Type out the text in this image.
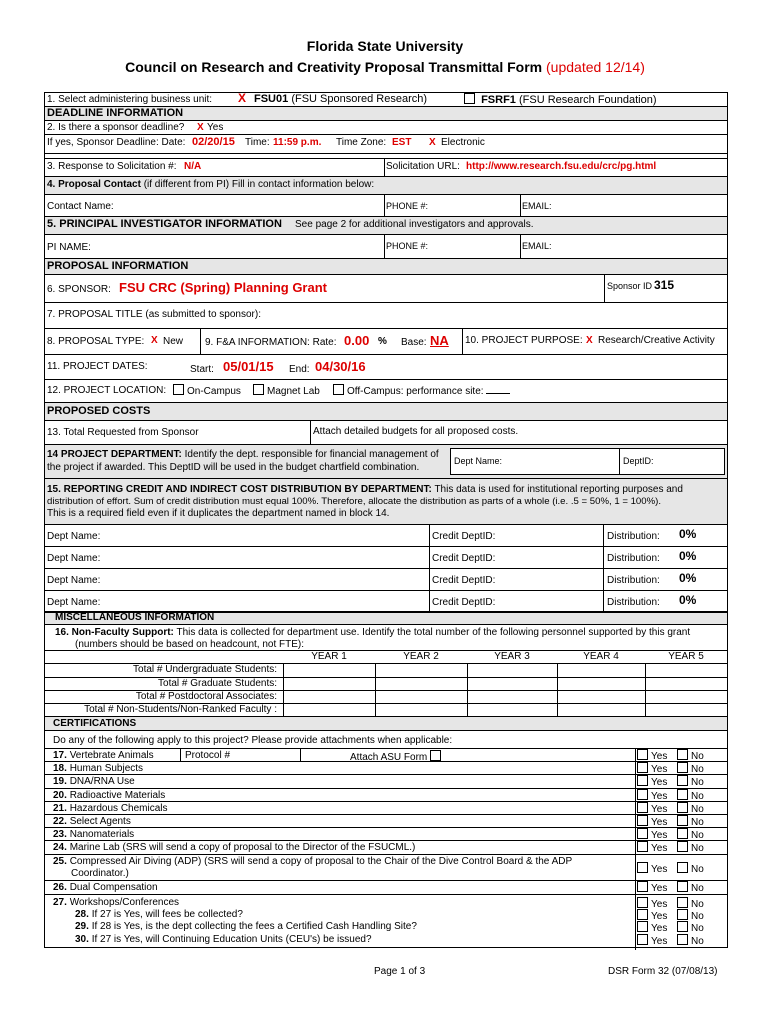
Florida State University
Council on Research and Creativity Proposal Transmittal Form (updated 12/14)
1. Select administering business unit: X FSU01 (FSU Sponsored Research)	FSRF1 (FSU Research Foundation)
DEADLINE INFORMATION
2. Is there a sponsor deadline? X Yes
If yes, Sponsor Deadline: Date: 02/20/15 Time: 11:59 p.m. Time Zone: EST X Electronic
3. Response to Solicitation #: N/A	Solicitation URL: http://www.research.fsu.edu/crc/pg.html
4. Proposal Contact (if different from PI) Fill in contact information below:
Contact Name:	PHONE #:	EMAIL:
5. PRINCIPAL INVESTIGATOR INFORMATION See page 2 for additional investigators and approvals.
PI NAME:	PHONE #:	EMAIL:
PROPOSAL INFORMATION
6. SPONSOR: FSU CRC (Spring) Planning Grant	Sponsor ID 315
7. PROPOSAL TITLE (as submitted to sponsor):
8. PROPOSAL TYPE: X New 9. F&A INFORMATION: Rate: 0.00 % Base: NA 10. PROJECT PURPOSE: X Research/Creative Activity
11. PROJECT DATES:	Start: 05/01/15 End: 04/30/16
12. PROJECT LOCATION:	On-Campus	Magnet Lab	Off-Campus: performance site:
PROPOSED COSTS
13. Total Requested from Sponsor	Attach detailed budgets for all proposed costs.
14 PROJECT DEPARTMENT: Identify the dept. responsible for financial management of
the project if awarded. This DeptID will be used in the budget chartfield combination.
Dept Name:	DeptID:
15. REPORTING CREDIT AND INDIRECT COST DISTRIBUTION BY DEPARTMENT: This data is used for institutional reporting purposes and
distribution of effort. Sum of credit distribution must equal 100%. Therefore, allocate the distribution as parts of a whole (i.e. .5 = 50%, 1 = 100%).
This is a required field even if it duplicates the department named in block 14.
Dept Name:	Credit DeptID:	Distribution: 0%
Dept Name:	Credit DeptID:	Distribution: 0%
Dept Name:	Credit DeptID:	Distribution: 0%
Dept Name:	Credit DeptID:	Distribution: 0%
MISCELLANEOUS INFORMATION
16. Non-Faculty Support: This data is collected for department use. Identify the total number of the following personnel supported by this grant
(numbers should be based on headcount, not FTE):
YEAR 1	YEAR 2	YEAR 3	YEAR 4	YEAR 5
Total # Undergraduate Students:
Total # Graduate Students:
Total # Postdoctoral Associates:
Total # Non-Students/Non-Ranked Faculty :
CERTIFICATIONS
Do any of the following apply to this project? Please provide attachments when applicable:
17. Vertebrate Animals	Protocol #	Attach ASU Form	Yes	No
18. Human Subjects	Yes	No
19. DNA/RNA Use	Yes	No
20. Radioactive Materials	Yes	No
21. Hazardous Chemicals	Yes	No
22. Select Agents	Yes	No
23. Nanomaterials	Yes	No
24. Marine Lab (SRS will send a copy of proposal to the Director of the FSUCML.)	Yes	No
25. Compressed Air Diving (ADP) (SRS will send a copy of proposal to the Chair of the Dive Control Board & the ADP
Coordinator.)	Yes	No
26. Dual Compensation	Yes	No
27. Workshops/Conferences	Yes	No
28. If 27 is Yes, will fees be collected?	Yes	No
29. If 28 is Yes, is the dept collecting the fees a Certified Cash Handling Site?	Yes	No
30. If 27 is Yes, will Continuing Education Units (CEU's) be issued?	Yes	No
Page 1 of 3	DSR Form 32 (07/08/13)
